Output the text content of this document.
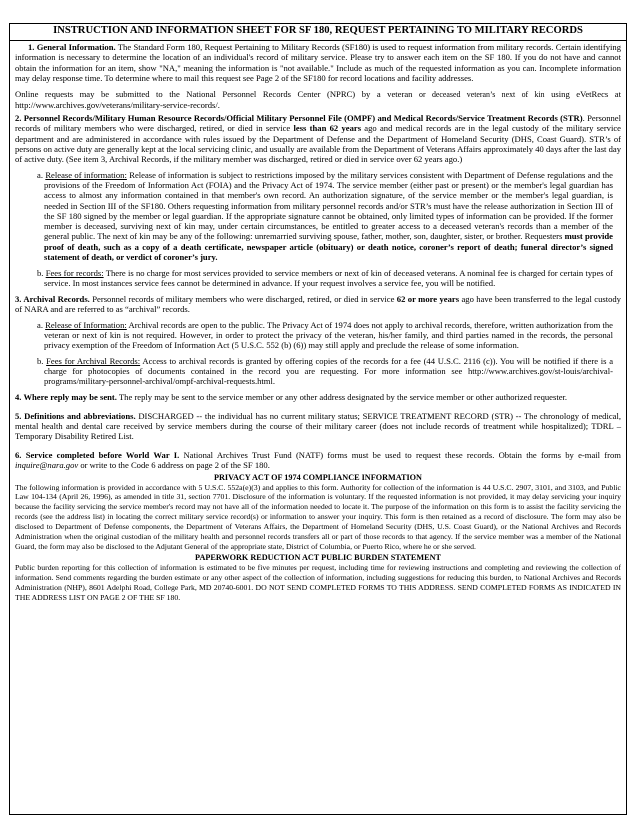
INSTRUCTION AND INFORMATION SHEET FOR SF 180, REQUEST PERTAINING TO MILITARY RECORDS

1. General Information. The Standard Form 180, Request Pertaining to Military Records (SF180) is used to request information from military records. Certain identifying information is necessary to determine the location of an individual's record of military service. Please try to answer each item on the SF 180. If you do not have and cannot obtain the information for an item, show "NA," meaning the information is "not available." Include as much of the requested information as you can. Incomplete information may delay response time. To determine where to mail this request see Page 2 of the SF180 for record locations and facility addresses.

Online requests may be submitted to the National Personnel Records Center (NPRC) by a veteran or deceased veteran’s next of kin using eVetRecs at http://www.archives.gov/veterans/military-service-records/.

2. Personnel Records/Military Human Resource Records/Official Military Personnel File (OMPF) and Medical Records/Service Treatment Records (STR). Personnel records of military members who were discharged, retired, or died in service less than 62 years ago and medical records are in the legal custody of the military service department and are administered in accordance with rules issued by the Department of Defense and the Department of Homeland Security (DHS, Coast Guard). STR’s of persons on active duty are generally kept at the local servicing clinic, and usually are available from the Department of Veterans Affairs approximately 40 days after the last day of active duty. (See item 3, Archival Records, if the military member was discharged, retired or died in service over 62 years ago.)

a. Release of information: Release of information is subject to restrictions imposed by the military services consistent with Department of Defense regulations and the provisions of the Freedom of Information Act (FOIA) and the Privacy Act of 1974. The service member (either past or present) or the member's legal guardian has access to almost any information contained in that member's own record. An authorization signature, of the service member or the member's legal guardian, is needed in Section III of the SF180. Others requesting information from military personnel records and/or STR’s must have the release authorization in Section III of the SF 180 signed by the member or legal guardian. If the appropriate signature cannot be obtained, only limited types of information can be provided. If the former member is deceased, surviving next of kin may, under certain circumstances, be entitled to greater access to a deceased veteran's records than a member of the general public. The next of kin may be any of the following: unremarried surviving spouse, father, mother, son, daughter, sister, or brother. Requesters must provide proof of death, such as a copy of a death certificate, newspaper article (obituary) or death notice, coroner’s report of death; funeral director’s signed statement of death, or verdict of coroner’s jury.

b. Fees for records: There is no charge for most services provided to service members or next of kin of deceased veterans. A nominal fee is charged for certain types of service. In most instances service fees cannot be determined in advance. If your request involves a service fee, you will be notified.

3. Archival Records. Personnel records of military members who were discharged, retired, or died in service 62 or more years ago have been transferred to the legal custody of NARA and are referred to as “archival” records.

a. Release of Information: Archival records are open to the public. The Privacy Act of 1974 does not apply to archival records, therefore, written authorization from the veteran or next of kin is not required. However, in order to protect the privacy of the veteran, his/her family, and third parties named in the records, the personal privacy exemption of the Freedom of Information Act (5 U.S.C. 552 (b) (6)) may still apply and preclude the release of some information.

b. Fees for Archival Records: Access to archival records is granted by offering copies of the records for a fee (44 U.S.C. 2116 (c)). You will be notified if there is a charge for photocopies of documents contained in the record you are requesting. For more information see http://www.archives.gov/st-louis/archival-programs/military-personnel-archival/ompf-archival-requests.html.

4. Where reply may be sent. The reply may be sent to the service member or any other address designated by the service member or other authorized requester.

5. Definitions and abbreviations. DISCHARGED -- the individual has no current military status; SERVICE TREATMENT RECORD (STR) -- The chronology of medical, mental health and dental care received by service members during the course of their military career (does not include records of treatment while hospitalized); TDRL – Temporary Disability Retired List.

6. Service completed before World War I. National Archives Trust Fund (NATF) forms must be used to request these records. Obtain the forms by e-mail from inquire@nara.gov or write to the Code 6 address on page 2 of the SF 180.

PRIVACY ACT OF 1974 COMPLIANCE INFORMATION

The following information is provided in accordance with 5 U.S.C. 552a(e)(3) and applies to this form. Authority for collection of the information is 44 U.S.C. 2907, 3101, and 3103, and Public Law 104-134 (April 26, 1996), as amended in title 31, section 7701. Disclosure of the information is voluntary. If the requested information is not provided, it may delay servicing your inquiry because the facility servicing the service member's record may not have all of the information needed to locate it. The purpose of the information on this form is to assist the facility servicing the records (see the address list) in locating the correct military service record(s) or information to answer your inquiry. This form is then retained as a record of disclosure. The form may also be disclosed to Department of Defense components, the Department of Veterans Affairs, the Department of Homeland Security (DHS, U.S. Coast Guard), or the National Archives and Records Administration when the original custodian of the military health and personnel records transfers all or part of those records to that agency. If the service member was a member of the National Guard, the form may also be disclosed to the Adjutant General of the appropriate state, District of Columbia, or Puerto Rico, where he or she served.

PAPERWORK REDUCTION ACT PUBLIC BURDEN STATEMENT

Public burden reporting for this collection of information is estimated to be five minutes per request, including time for reviewing instructions and completing and reviewing the collection of information. Send comments regarding the burden estimate or any other aspect of the collection of information, including suggestions for reducing this burden, to National Archives and Records Administration (NHP), 8601 Adelphi Road, College Park, MD 20740-6001. DO NOT SEND COMPLETED FORMS TO THIS ADDRESS. SEND COMPLETED FORMS AS INDICATED IN THE ADDRESS LIST ON PAGE 2 OF THE SF 180.
